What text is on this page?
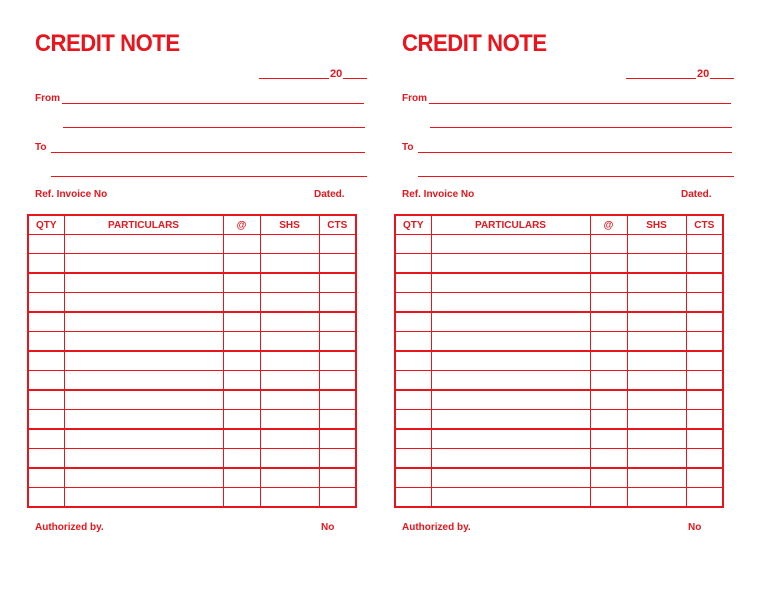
CREDIT NOTE
20
From
To
Ref. Invoice No	Dated.
QTY	PARTICULARS	@	SHS	CTS

Authorized by.	No
CREDIT NOTE
20
From
To
Ref. Invoice No	Dated.
QTY	PARTICULARS	@	SHS	CTS

Authorized by.	No
